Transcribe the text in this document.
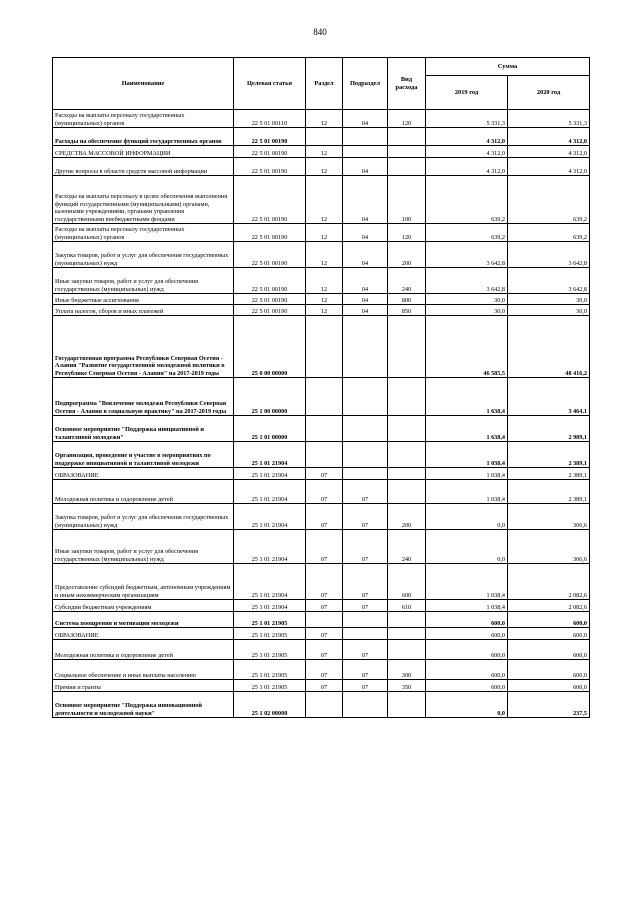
840
Наименование	Целевая статья	Раздел	Подраздел	Вид расхода	Сумма	
					2019 год	2020 год
Расходы на выплаты персоналу государственных (муниципальных) органов	22 5 01 00110	12	04	120	5 331,3	5 331,3
Расходы на обеспечение функций государственных органов	22 5 01 00190				4 312,0	4 312,0
СРЕДСТВА МАССОВОЙ ИНФОРМАЦИИ	22 5 01 00190	12			4 312,0	4 312,0
Другие вопросы в области средств массовой информации	22 5 01 00190	12	04		4 312,0	4 312,0
Расходы на выплаты персоналу в целях обеспечения выполнения функций государственными (муниципальными) органами, казенными учреждениями, органами управления государственными внебюджетными фондами	22 5 01 00190	12	04	100	639,2	639,2
Расходы на выплаты персоналу государственных (муниципальных) органов	22 5 01 00190	12	04	120	639,2	639,2
Закупка товаров, работ и услуг для обеспечения государственных (муниципальных) нужд	22 5 01 00190	12	04	200	3 642,8	3 642,8
Иные закупки товаров, работ и услуг для обеспечения государственных (муниципальных) нужд	22 5 01 00190	12	04	240	3 642,8	3 642,8
Иные бюджетные ассигнования	22 5 01 00190	12	04	800	30,0	30,0
Уплата налогов, сборов и иных платежей	22 5 01 00190	12	04	850	30,0	30,0
Государственная программа Республики Северная Осетия - Алания "Развитие государственной молодежной политики в Республике Северная Осетия - Алания" на 2017-2019 годы	25 0 00 00000				46 585,5	48 416,2
Подпрограмма "Вовлечение молодежи Республики Северная Осетия - Алания в социальную практику" на 2017-2019 годы	25 1 00 00000				1 638,4	3 464,1
Основное мероприятие "Поддержка инициативной и талантливой молодежи"	25 1 01 00000				1 638,4	2 989,1
Организация, проведение и участие в мероприятиях по поддержке инициативной и талантливой молодежи	25 1 01 21904				1 038,4	2 389,1
ОБРАЗОВАНИЕ	25 1 01 21904	07			1 038,4	2 389,1
Молодежная политика и оздоровление детей	25 1 01 21904	07	07		1 038,4	2 389,1
Закупка товаров, работ и услуг для обеспечения государственных (муниципальных) нужд	25 1 01 21904	07	07	200	0,0	306,6
Иные закупки товаров, работ и услуг для обеспечения государственных (муниципальных) нужд	25 1 01 21904	07	07	240	0,0	306,6
Предоставление субсидий бюджетным, автономным учреждениям и иным некоммерческим организациям	25 1 01 21904	07	07	600	1 038,4	2 082,6
Субсидии бюджетным учреждениям	25 1 01 21904	07	07	610	1 038,4	2 082,6
Система поощрения и мотивации молодежи	25 1 01 21905				600,0	600,0
ОБРАЗОВАНИЕ	25 1 01 21905	07			600,0	600,0
Молодежная политика и оздоровление детей	25 1 01 21905	07	07		600,0	600,0
Социальное обеспечение и иные выплаты населению	25 1 01 21905	07	07	300	600,0	600,0
Премии и гранты	25 1 01 21905	07	07	350	600,0	600,0
Основное мероприятие "Поддержка инновационной деятельности и молодежной науки"	25 1 02 00000				0,0	237,5
